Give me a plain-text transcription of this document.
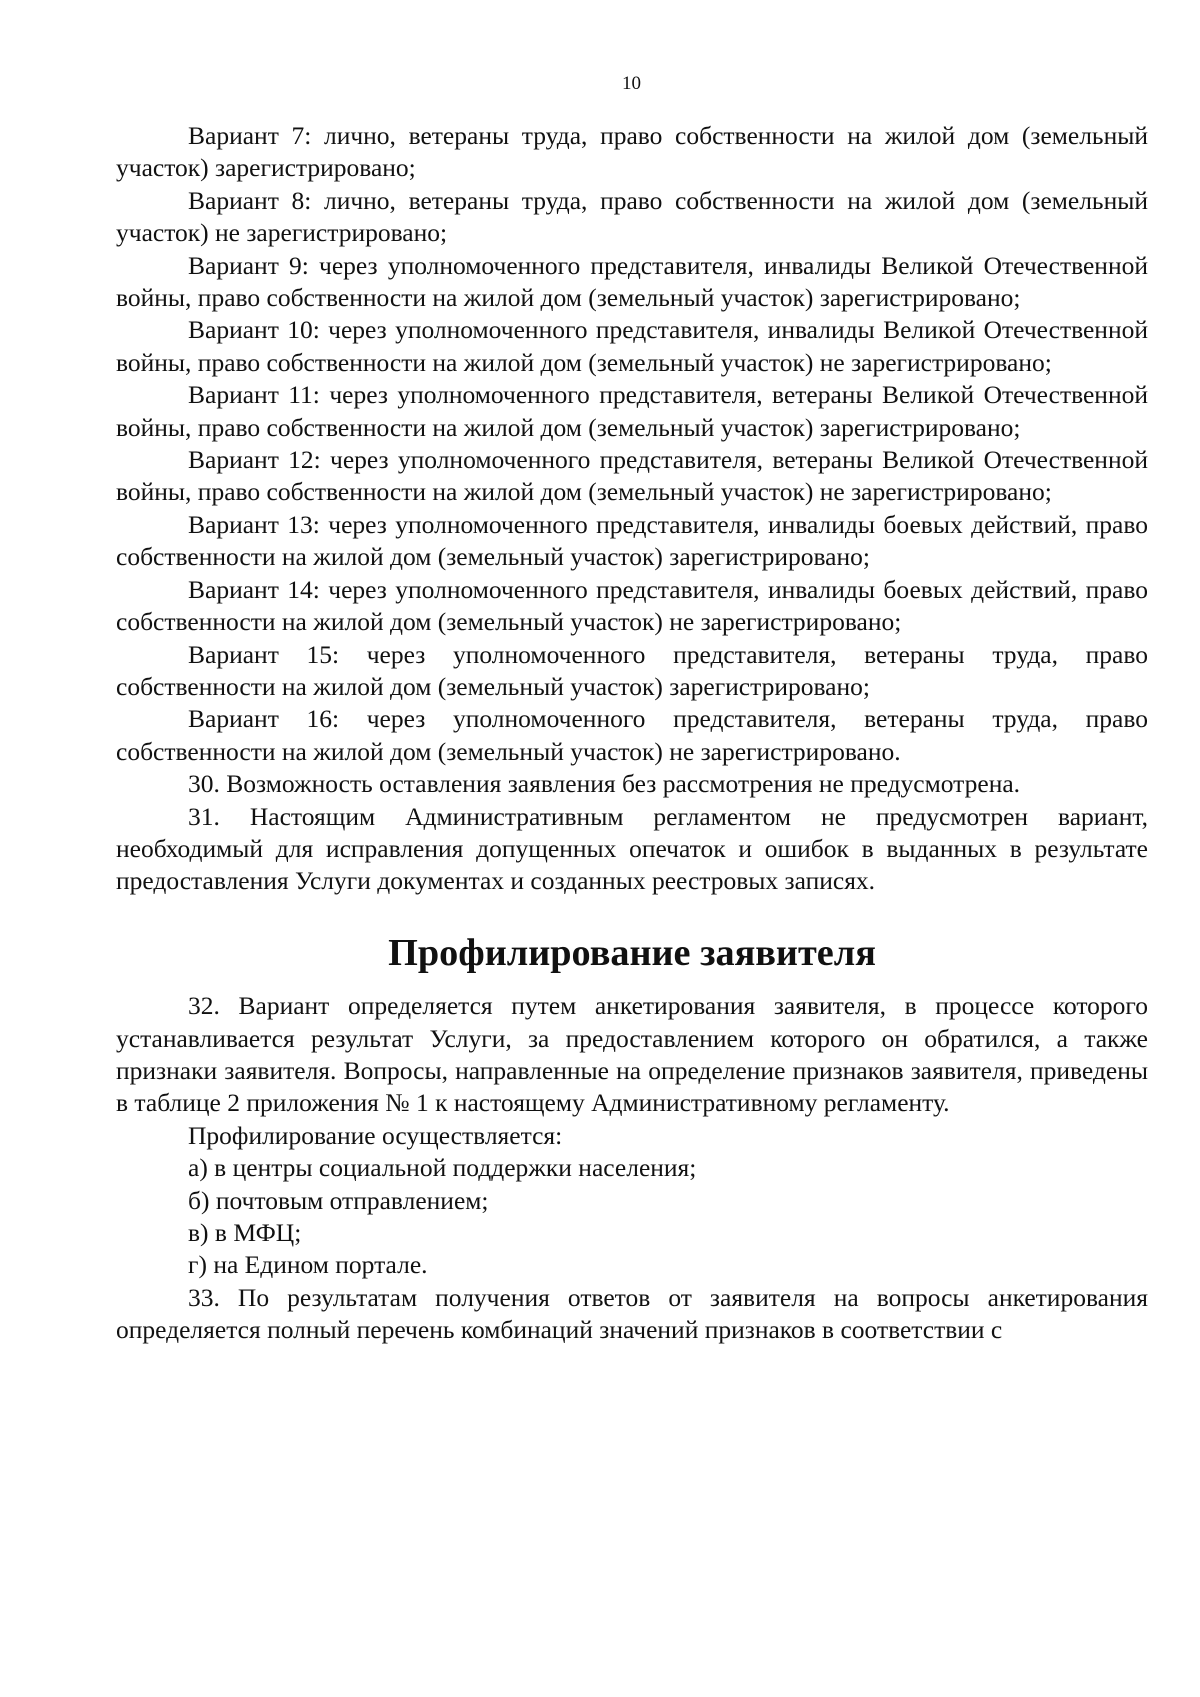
10

Вариант 7: лично, ветераны труда, право собственности на жилой дом (земельный участок) зарегистрировано;

Вариант 8: лично, ветераны труда, право собственности на жилой дом (земельный участок) не зарегистрировано;

Вариант 9: через уполномоченного представителя, инвалиды Великой Отечественной войны, право собственности на жилой дом (земельный участок) зарегистрировано;

Вариант 10: через уполномоченного представителя, инвалиды Великой Отечественной войны, право собственности на жилой дом (земельный участок) не зарегистрировано;

Вариант 11: через уполномоченного представителя, ветераны Великой Отечественной войны, право собственности на жилой дом (земельный участок) зарегистрировано;

Вариант 12: через уполномоченного представителя, ветераны Великой Отечественной войны, право собственности на жилой дом (земельный участок) не зарегистрировано;

Вариант 13: через уполномоченного представителя, инвалиды боевых действий, право собственности на жилой дом (земельный участок) зарегистрировано;

Вариант 14: через уполномоченного представителя, инвалиды боевых действий, право собственности на жилой дом (земельный участок) не зарегистрировано;

Вариант 15: через уполномоченного представителя, ветераны труда, право собственности на жилой дом (земельный участок) зарегистрировано;

Вариант 16: через уполномоченного представителя, ветераны труда, право собственности на жилой дом (земельный участок) не зарегистрировано.

30. Возможность оставления заявления без рассмотрения не предусмотрена.

31. Настоящим Административным регламентом не предусмотрен вариант, необходимый для исправления допущенных опечаток и ошибок в выданных в результате предоставления Услуги документах и созданных реестровых записях.

Профилирование заявителя

32. Вариант определяется путем анкетирования заявителя, в процессе которого устанавливается результат Услуги, за предоставлением которого он обратился, а также признаки заявителя. Вопросы, направленные на определение признаков заявителя, приведены в таблице 2 приложения № 1 к настоящему Административному регламенту.

Профилирование осуществляется:

а) в центры социальной поддержки населения;

б) почтовым отправлением;

в) в МФЦ;

г) на Едином портале.

33. По результатам получения ответов от заявителя на вопросы анкетирования определяется полный перечень комбинаций значений признаков в соответствии с
